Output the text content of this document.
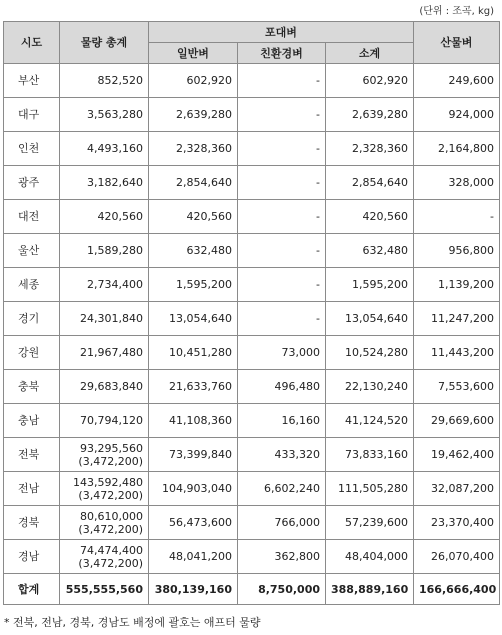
(단위 : 조곡, kg)
시도	물량 총계	포대벼			산물벼
		일반벼	친환경벼	소계	
부산	852,520	602,920	-	602,920	249,600
대구	3,563,280	2,639,280	-	2,639,280	924,000
인천	4,493,160	2,328,360	-	2,328,360	2,164,800
광주	3,182,640	2,854,640	-	2,854,640	328,000
대전	420,560	420,560	-	420,560	-
울산	1,589,280	632,480	-	632,480	956,800
세종	2,734,400	1,595,200	-	1,595,200	1,139,200
경기	24,301,840	13,054,640	-	13,054,640	11,247,200
강원	21,967,480	10,451,280	73,000	10,524,280	11,443,200
충북	29,683,840	21,633,760	496,480	22,130,240	7,553,600
충남	70,794,120	41,108,360	16,160	41,124,520	29,669,600
전북	93,295,560
(3,472,200)	73,399,840	433,320	73,833,160	19,462,400
전남	143,592,480
(3,472,200)	104,903,040	6,602,240	111,505,280	32,087,200
경북	80,610,000
(3,472,200)	56,473,600	766,000	57,239,600	23,370,400
경남	74,474,400
(3,472,200)	48,041,200	362,800	48,404,000	26,070,400
합계	555,555,560	380,139,160	8,750,000	388,889,160	166,666,400
* 전북, 전남, 경북, 경남도 배정에 괄호는 애프터 물량
